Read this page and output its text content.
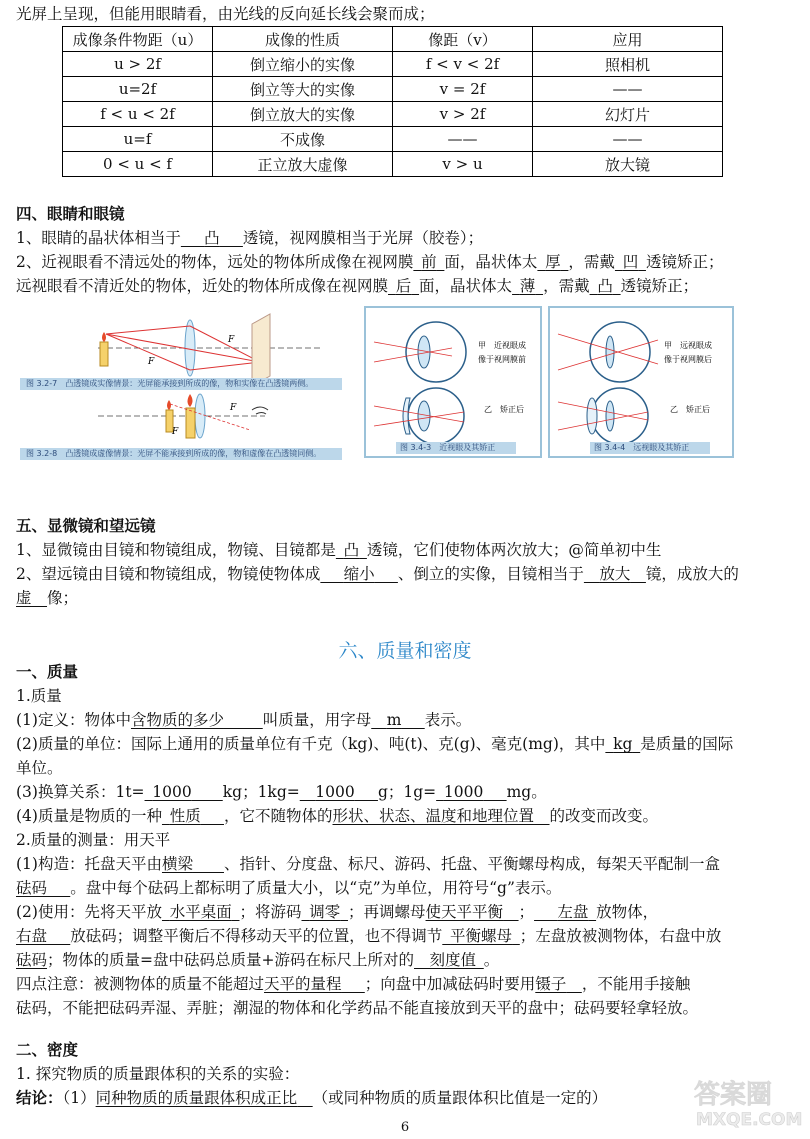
光屏上呈现，但能用眼睛看，由光线的反向延长线会聚而成；
成像条件物距（u）	成像的性质	像距（v）	应用
u > 2f	倒立缩小的实像	f < v < 2f	照相机
u=2f	倒立等大的实像	v = 2f	——
f < u < 2f	倒立放大的实像	v > 2f	幻灯片
u=f	不成像	——	——
0 < u < f	正立放大虚像	v > u	放大镜
四、眼睛和眼镜
1、眼睛的晶状体相当于   凸   透镜，视网膜相当于光屏（胶卷）；
2、近视眼看不清远处的物体，远处的物体所成像在视网膜  前  面，晶状体太  厚  ，需戴  凹  透镜矫正；
远视眼看不清近处的物体，近处的物体所成像在视网膜  后  面，晶状体太  薄  ，需戴  凸  透镜矫正；
F
F
F
F
图 3.2-7　凸透镜成实像情景：光屏能承接到所成的像，物和实像在凸透镜两侧。
图 3.2-8　凸透镜成虚像情景：光屏不能承接到所成的像，物和虚像在凸透镜同侧。
甲　近视眼成
像于视网膜前
乙　矫正后
图 3.4-3　近视眼及其矫正
甲　远视眼成
像于视网膜后
乙　矫正后
图 3.4-4　远视眼及其矫正
五、显微镜和望远镜
1、显微镜由目镜和物镜组成，物镜、目镜都是  凸  透镜，它们使物体两次放大；@简单初中生
2、望远镜由目镜和物镜组成，物镜使物体成   缩小   、倒立的实像，目镜相当于   放大   镜，成放大的
虚  像；
六、质量和密度
一、质量
1.质量
(1)定义：物体中含物质的多少   	叫质量，用字母  m   表示。
(2)质量的单位：国际上通用的质量单位有千克（kg)、吨(t)、克(g)、毫克(mg)，其中  kg  是质量的国际
单位。
(3)换算关系：1t=  1000   kg；1kg=  1000   g；1g=  1000   mg。
(4)质量是物质的一种  性质   ，它不随物体的形状、状态、温度和地理位置  的改变而改变。
2.质量的测量：用天平
(1)构造：托盘天平由横梁   、指针、分度盘、标尺、游码、托盘、平衡螺母构成，每架天平配制一盒
砝码   。盘中每个砝码上都标明了质量大小，以“克”为单位，用符号“g”表示。
(2)使用：先将天平放  水平桌面  ；将游码  调零  ；再调螺母使天平平衡  ；   左盘  放物体，
右盘   放砝码；调整平衡后不得移动天平的位置，也不得调节  平衡螺母  ；左盘放被测物体，右盘中放
砝码；物体的质量=盘中砝码总质量+游码在标尺上所对的  刻度值  。
四点注意：被测物体的质量不能超过天平的量程   ；向盘中加减砝码时要用镊子  ，不能用手接触
砝码，不能把砝码弄湿、弄脏；潮湿的物体和化学药品不能直接放到天平的盘中；砝码要轻拿轻放。
二、密度
1. 探究物质的质量跟体积的关系的实验：
结论：（1）同种物质的质量跟体积成正比  （或同种物质的质量跟体积比值是一定的）
6
答案圈
MXQE.COM
